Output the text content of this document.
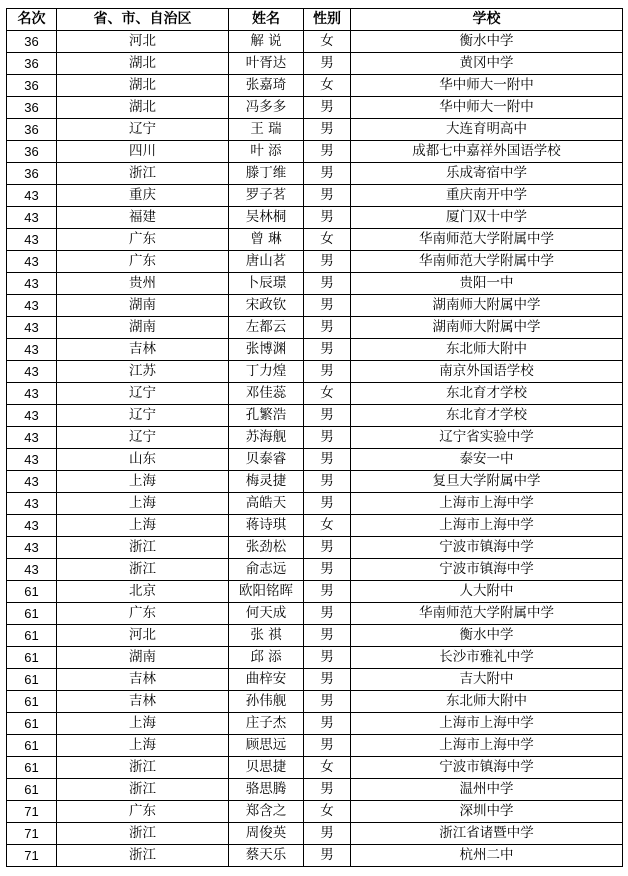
名次	省、市、自治区	姓名	性别	学校
36	河北	解 说	女	衡水中学
36	湖北	叶胥达	男	黄冈中学
36	湖北	张嘉琦	女	华中师大一附中
36	湖北	冯多多	男	华中师大一附中
36	辽宁	王 瑞	男	大连育明高中
36	四川	叶 添	男	成都七中嘉祥外国语学校
36	浙江	滕丁维	男	乐成寄宿中学
43	重庆	罗子茗	男	重庆南开中学
43	福建	吴林桐	男	厦门双十中学
43	广东	曾 琳	女	华南师范大学附属中学
43	广东	唐山茗	男	华南师范大学附属中学
43	贵州	卜辰璟	男	贵阳一中
43	湖南	宋政钦	男	湖南师大附属中学
43	湖南	左都云	男	湖南师大附属中学
43	吉林	张博渊	男	东北师大附中
43	江苏	丁力煌	男	南京外国语学校
43	辽宁	邓佳蕊	女	东北育才学校
43	辽宁	孔繁浩	男	东北育才学校
43	辽宁	苏海舰	男	辽宁省实验中学
43	山东	贝泰睿	男	泰安一中
43	上海	梅灵捷	男	复旦大学附属中学
43	上海	高皓天	男	上海市上海中学
43	上海	蒋诗琪	女	上海市上海中学
43	浙江	张劲松	男	宁波市镇海中学
43	浙江	俞志远	男	宁波市镇海中学
61	北京	欧阳铭晖	男	人大附中
61	广东	何天成	男	华南师范大学附属中学
61	河北	张 祺	男	衡水中学
61	湖南	邱 添	男	长沙市雅礼中学
61	吉林	曲梓安	男	吉大附中
61	吉林	孙伟舰	男	东北师大附中
61	上海	庄子杰	男	上海市上海中学
61	上海	顾思远	男	上海市上海中学
61	浙江	贝思捷	女	宁波市镇海中学
61	浙江	骆思腾	男	温州中学
71	广东	郑含之	女	深圳中学
71	浙江	周俊英	男	浙江省诸暨中学
71	浙江	蔡天乐	男	杭州二中
